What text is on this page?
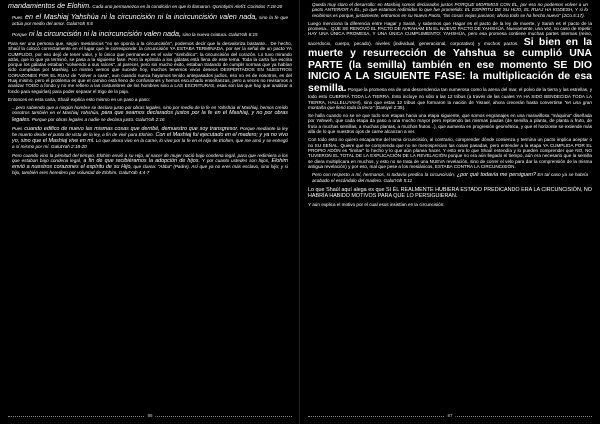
mandamientos de Elohim. Cada uno permanezca en la condición en que lo llamaron. Qorintiyim Alef/1 Corintios 7:18-20

Pues en el Mashiaj Yahshúa ni la circuncisión ni la incircuncisión valen nada, sino la fe que actúa por medio del amor. GalutYah 5:6

Porque ni la circuncisión ni la incircuncisión valen nada, sino la nueva criatura. GalutYah 6:15

Para ser una persona que, según mesiánicos "no se oponía a la circuncisión", podemos decir que la desvaloriza bastante... De hecho, Shaúl la colocó correctamente en el lugar que le corresponde: la circuncisión YA ESTABA TERMINADA, por ser la señal de un pacto YA CUMPLIDO, por eso dejó de tener valor, y lo único que permanece es el valor "simbólico": la circuncisión del corazón. Lo tuvo mirando atrás, que lo que ya terminó, se pasa a la siguiente fase. Pero la epístola a los gálatas está llena de este tema. Toda la carta fue escrita porque los gálatas estaban "volviendo a sus raíces", al parecer, pero sin mucho éxito, estaban tratando de cumplir normas que ya habían sido cumplidas por Mashiaj. Lo mismo vemos que sucede hoy, muchos tenemos vivos deseos DESPERTADOS EN NUESTROS CORAZONES POR EL RUAJ de "volver a casa", aun cuando nunca hayamos tenido antepasados judíos, eso no es de nosotros, es del Ruaj mismo, pero el problema es que el camino está lleno de confusiones y hemos escuchado enseñanzas, pero a veces no revisamos a analizar TODO a fondo y no me refiero a las costumbres de los hombres sino a LAS ESCRITURAS, esas son las que hay que analizar a fondo para seguirlas) para poder separar el trigo de la paja.

Entonces en esta carta, Shaúl explica esto mismo en un paso a paso:

...pero sabiendo que a ningún hombre se declara justo por obras legales, sino por medio de la fe en Yahshúa el Mashiaj, hemos creído nosotros también en el Mashiaj Yahshúa, para que seamos declarados justos por la fe en el Mashiaj, y no por obras legales. Porque por obras legales a nadie se declara justo. GalutYah 2:16

Pues cuando edifico de nuevo las mismas cosas que derribé, demuestro que soy transgresor. Porque mediante la ley he muerto desde el punto de vista de la ley, a fin de vivir para Elohim. Con el Mashiaj fui ejecutado en el madero; y ya no vivo yo, sino que el Mashiaj vive en mi. Lo que ahora vivo en la carne, lo vivo por la fe en el Hijo de Elohim, que me amó y se entregó a sí mismo por mí. GalutYah 2:18-20

Pero cuando vino la plenitud del tiempo, Elohim envió a su Hijo, al nacer de mujer nació bajo condena legal, para que redimiera a los que estaban bajo condena legal, a fin de que recibiéramos la adopción de hijos. Y por cuanto ustedes son hijos, Elohim envió a nuestros corazones el espíritu de su Hijo, que clama: "Abba" (Padre). Así que ya no eres más esclavo, sino hijo; y si hijo, también eres heredero por voluntad de Elohim. GalutYah 4:4-7

86

Queda muy claro el desarrollo: en Mashiaj somos declarados justos PORQUE MORIMOS CON ÉL, por eso no podemos volver a un pacto ANTERIOR A ÉL, ya que estamos redimidos lo que fue prometido: EL ESPÍRITU DE SU HIJO, EL RUAJ HA KODESH, Y si lo recibimos es porque, justamente, entramos en su Nuevo Pacto, "las cosas viejas pasaron; ahora todo se ha hecho nuevo" (2Co.5:17).

Luego menciona la diferencia entre Hagar y Sarah, y sabemos que Hagar es el pacto de la ley de muerte, y Sarah es el pacto de la promesa... QUE SE RENOVÓ EL PACTO DE AVRAHAM EN EL NUEVO PACTO DE YAHSHÚA. Nuevamente, una vez, no caso de repetir: HAY UNA ÚNICA PROMESA, Y UNA ÚNICA CUMPLIMIENTO: YAHSHÚA, pero esa promesa contiene muchas partes internas (reino, sacerdocio, cuerpo, pecado), niveles (individual, generacional, corporativo) y muchos pactos. Si bien en la muerte y resurrección de Yahshua se cumplió UNA PARTE (la semilla) también en ese momento SE DIO INICIO A LA SIGUIENTE FASE: la multiplicación de esa semilla. Porque la promesa era de una descendencia tan numerosa como la arena del mar, el polvo de la tierra y las estrellas, y todo esto CUBRIRÁ TODA LA TIERRA. Esto incluye no sólo a las 12 tribus (a través de las cuales YA HA SIDO BENDECIDA TODA LA TIERRA, HALLELUYAH!), sino que estas 12 tribus que formaron la nación de Yisrael, ahora crecerán hasta convertirse "en una gran montaña que llenó toda la tierra" (Daniyel 2:35).

Se halla cuando no se ve que todo son etapas hacia una etapa siguiente, que somos engranajes en una maravillosa "máquina" diseñada por Yahweh, que cada etapa da paso a una mucho mayor pero repitiendo las mismas pautas (de semilla a planta, de planta a fruto, de fruto a muchas semillas, a muchas plantas, a muchos frutos...), que aumenta en progresión geométrica, y que el horizonte se extiende más allá de lo que nuestros ojos de carne alcanzan a ver.

Con todo esto no quiero escaparme del tema circuncisión, al contrario, comprender dónde comienza y termina un pacto implica aceptar o no SU SEÑAL. Quiere que se comprenda que no se menosprecian las cosas pasadas, pero entender a la etapa YA CUMPLIDA POR EL PROPIO ADÓN es "limitar" lo hecho y lo que aún planea hacer. Y esto era lo que Shaúl entendía y lo pueden comprender que NO, NO TUVIERON EL TOTAL DE LA EXPLICACIÓN DE LA REVELACIÓN porque no era aún llegado el tiempo, aún era necesario que la semilla se diera multiplicara en muchos, y esto no se trata de una NUEVA revelación, sino de correr el velo para dar la comprensión de la misma antigua revelación) y por eso, mal que pese a los mesiánicos, ESTABA CONTRA LA CIRCUNCISIÓN.

Pero con respecto a mí, hermanos, si todavía predico la circuncisión, ¿por qué todavía me persiguen? En tal caso ya se habría acabado el escándalo del madero. GalutYah 5:11

Lo que Shaúl aquí alega es que SI ÉL REALMENTE HUBIERA ESTADO PREDICANDO ERA LA CIRCUNCISIÓN, NO HABRÍA HABIDO MOTIVOS PARA QUE LO PERSIGUIERAN.

Y aún explica el motivo por el cual esos insistían en la circuncisión:

87
